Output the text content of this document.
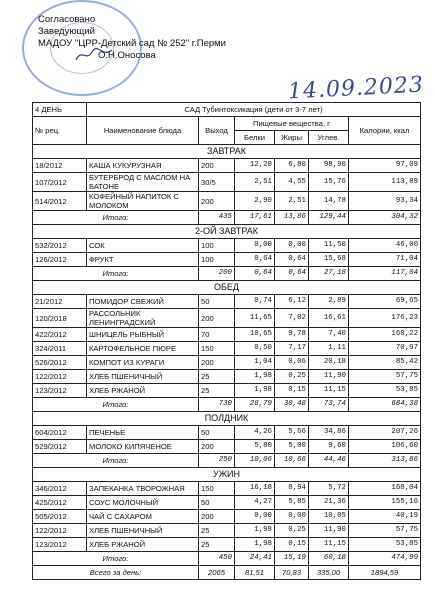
Согласовано
Заведующий
МАДОУ "ЦРР-Детский сад № 252" г.Перми
О.Н.Оносова
14.09.2023
4 ДЕНЬ	САД Тубинтоксикация (дети от 3-7 лет)					
№ рец.	Наименование блюда	Выход	Пищевые вещества, г			Калории, ккал
			Белки	Жиры	Углев.	
ЗАВТРАК						
18/2012	КАША КУКУРУЗНАЯ	200	12,20	6,80	98,90	97,09
107/2012	БУТЕРБРОД С МАСЛОМ НА БАТОНЕ	30/5	2,51	4,55	15,76	113,89
514/2012	КОФЕЙНЫЙ НАПИТОК С МОЛОКОМ	200	2,90	2,51	14,78	93,34
Итого:		435	17,61	13,86	129,44	304,32
2-ОЙ ЗАВТРАК						
532/2012	СОК	100	0,00	0,00	11,50	46,00
126/2012	ФРУКТ	100	0,64	0,64	15,68	71,04
Итого:		200	0,64	0,64	27,18	117,04
ОБЕД						
21/2012	ПОМИДОР СВЕЖИЙ	50	0,74	6,12	2,89	69,65
120/2018	РАССОЛЬНИК ЛЕНИНГРАДСКИЙ	200	11,65	7,02	16,61	176,23
422/2012	ШНИЦЕЛЬ РЫБНЫЙ	70	10,65	9,78	7,40	160,22
324/2011	КАРТОФЕЛЬНОЕ ПЮРЕ	150	0,50	7,17	1,11	70,97
526/2012	КОМПОТ ИЗ КУРАГИ	200	1,04	0,06	20,18	85,42
122/2012	ХЛЕБ ПШЕНИЧНЫЙ	25	1,98	0,25	11,90	57,75
123/2012	ХЛЕБ РЖАНОЙ	25	1,98	0,15	11,15	53,85
Итого:		730	28,79	30,48	73,74	684,38
ПОЛДНИК						
604/2012	ПЕЧЕНЬЕ	50	4,26	5,66	34,86	207,26
529/2012	МОЛОКО КИПЯЧЕНОЕ	200	5,80	5,00	9,60	106,60
Итого:		250	10,06	10,66	44,46	313,86
УЖИН						
346/2012	ЗАПЕКАНКА ТВОРОЖНАЯ	150	16,18	8,94	5,72	168,04
425/2012	СОУС МОЛОЧНЫЙ	50	4,27	5,85	21,36	155,16
505/2012	ЧАЙ С САХАРОМ	200	0,00	0,00	10,05	40,19
122/2012	ХЛЕБ ПШЕНИЧНЫЙ	25	1,98	0,25	11,90	57,75
123/2012	ХЛЕБ РЖАНОЙ	25	1,98	0,15	11,15	53,85
Итого:		450	24,41	15,19	60,18	474,99
Всего за день:		2065	81,51	70,83	335,00	1894,59
